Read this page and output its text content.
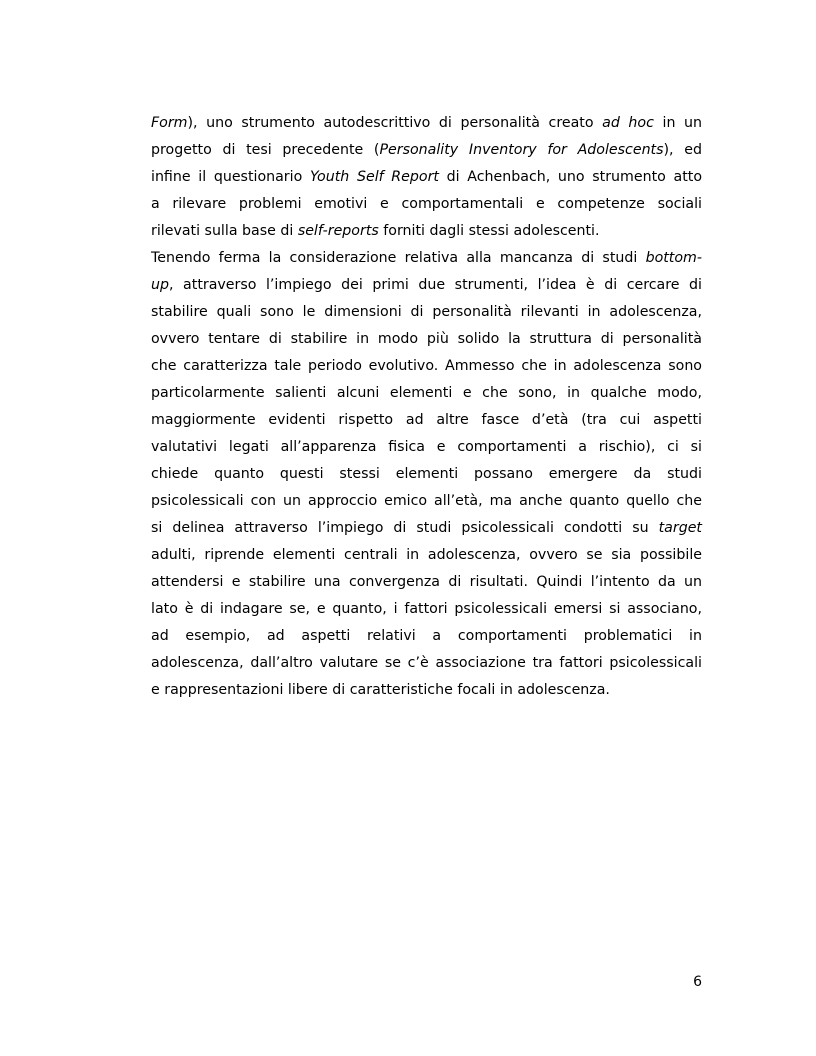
Form), uno strumento autodescrittivo di personalità creato ad hoc in un
progetto di tesi precedente (Personality Inventory for Adolescents), ed
infine il questionario Youth Self Report di Achenbach, uno strumento atto
a rilevare problemi emotivi e comportamentali e competenze sociali
rilevati sulla base di self-reports forniti dagli stessi adolescenti.
Tenendo ferma la considerazione relativa alla mancanza di studi bottom-
up, attraverso l’impiego dei primi due strumenti, l’idea è di cercare di
stabilire quali sono le dimensioni di personalità rilevanti in adolescenza,
ovvero tentare di stabilire in modo più solido la struttura di personalità
che caratterizza tale periodo evolutivo. Ammesso che in adolescenza sono
particolarmente salienti alcuni elementi e che sono, in qualche modo,
maggiormente evidenti rispetto ad altre fasce d’età (tra cui aspetti
valutativi legati all’apparenza fisica e comportamenti a rischio), ci si
chiede quanto questi stessi elementi possano emergere da studi
psicolessicali con un approccio emico all’età, ma anche quanto quello che
si delinea attraverso l’impiego di studi psicolessicali condotti su target
adulti, riprende elementi centrali in adolescenza, ovvero se sia possibile
attendersi e stabilire una convergenza di risultati. Quindi l’intento da un
lato è di indagare se, e quanto, i fattori psicolessicali emersi si associano,
ad esempio, ad aspetti relativi a comportamenti problematici in
adolescenza, dall’altro valutare se c’è associazione tra fattori psicolessicali
e rappresentazioni libere di caratteristiche focali in adolescenza.
6
